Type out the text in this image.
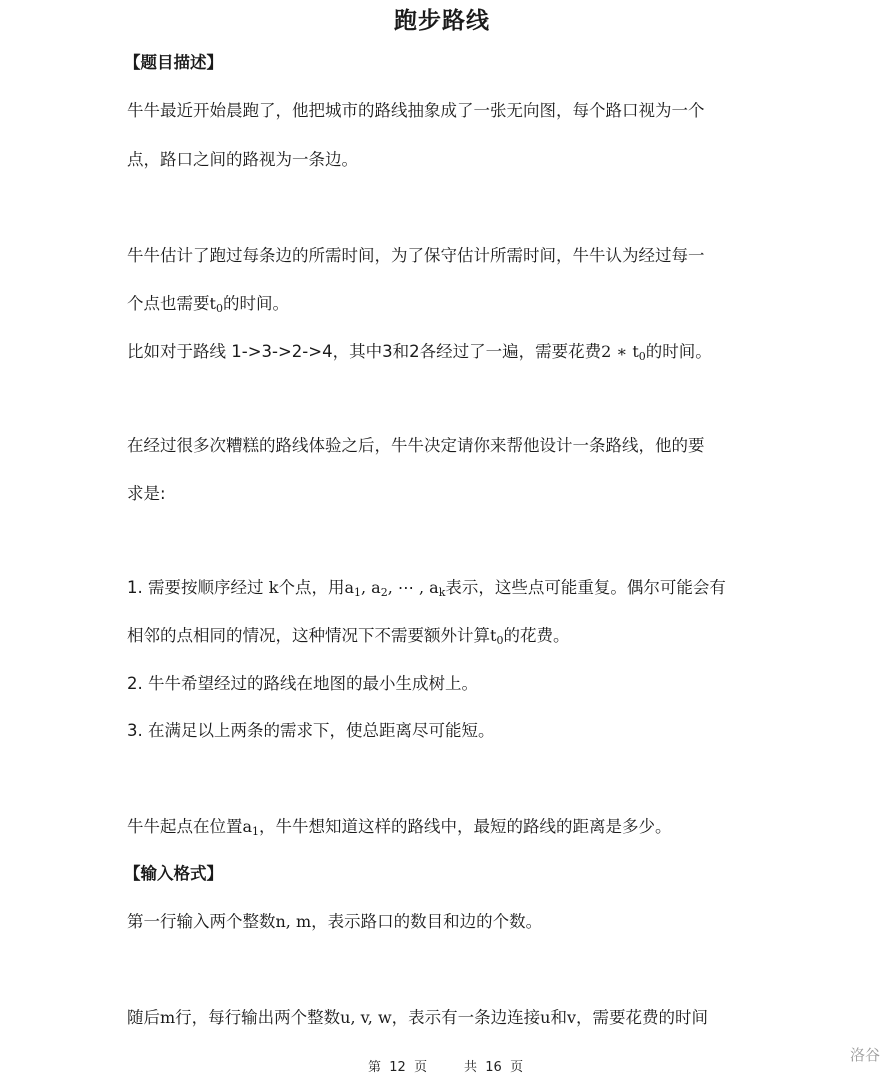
跑步路线
【题目描述】
牛牛最近开始晨跑了，他把城市的路线抽象成了一张无向图，每个路口视为一个
点，路口之间的路视为一条边。
牛牛估计了跑过每条边的所需时间，为了保守估计所需时间，牛牛认为经过每一
个点也需要$t_0$的时间。
比如对于路线 1->3->2->4，其中3和2各经过了一遍，需要花费2 ∗ $t_0$的时间。
在经过很多次糟糕的路线体验之后，牛牛决定请你来帮他设计一条路线，他的要
求是:
1. 需要按顺序经过 k个点，用$a_1$, $a_2$, ⋯ , $a_k$表示，这些点可能重复。偶尔可能会有
相邻的点相同的情况，这种情况下不需要额外计算$t_0$的花费。
2. 牛牛希望经过的路线在地图的最小生成树上。
3. 在满足以上两条的需求下，使总距离尽可能短。
牛牛起点在位置$a_1$，牛牛想知道这样的路线中，最短的路线的距离是多少。
【输入格式】
第一行输入两个整数n, m，表示路口的数目和边的个数。
随后m行，每行输出两个整数u, v, w，表示有一条边连接u和v，需要花费的时间
第  12  页	共  16  页
洛谷
